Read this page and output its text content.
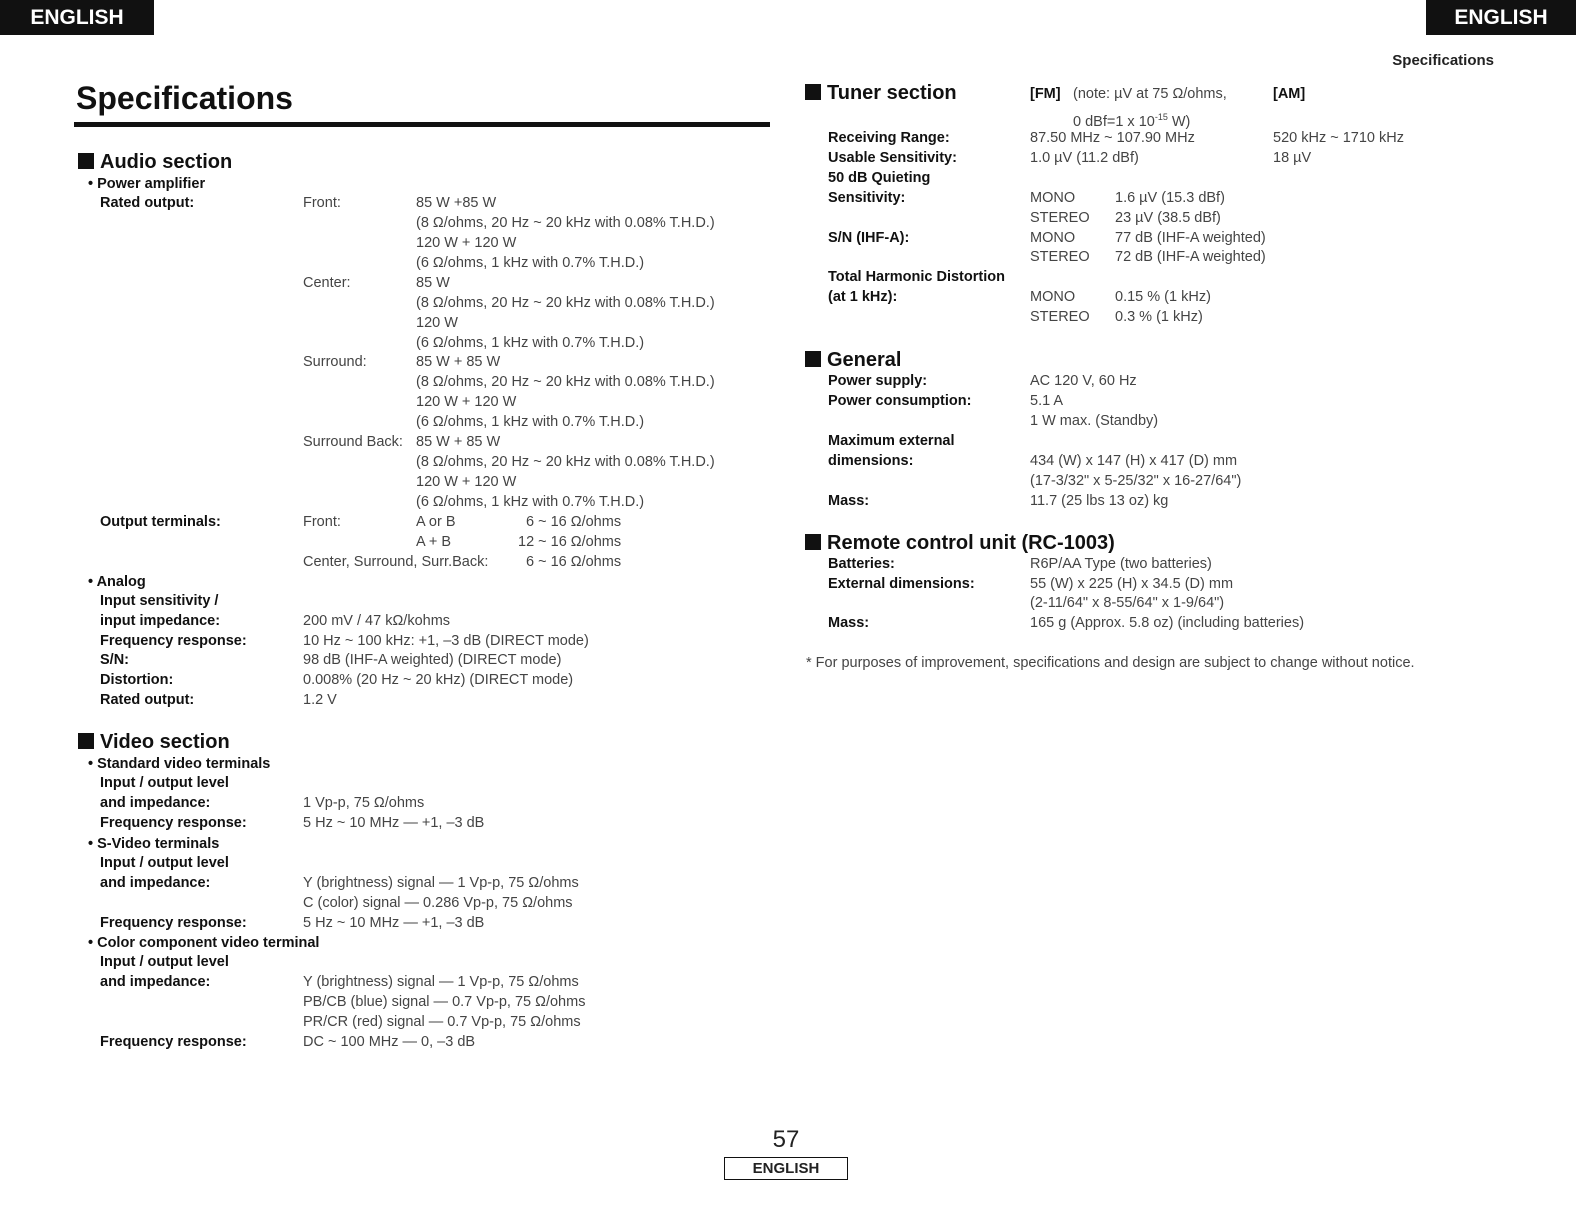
ENGLISH	ENGLISH
Specifications
Specifications
Audio section
• Power amplifier
Rated output:	Front:	85 W +85 W
(8 Ω/ohms, 20 Hz ~ 20 kHz with 0.08% T.H.D.)
120 W + 120 W
(6 Ω/ohms, 1 kHz with 0.7% T.H.D.)
Center:	85 W
(8 Ω/ohms, 20 Hz ~ 20 kHz with 0.08% T.H.D.)
120 W
(6 Ω/ohms, 1 kHz with 0.7% T.H.D.)
Surround:	85 W + 85 W
(8 Ω/ohms, 20 Hz ~ 20 kHz with 0.08% T.H.D.)
120 W + 120 W
(6 Ω/ohms, 1 kHz with 0.7% T.H.D.)
Surround Back: 85 W + 85 W
(8 Ω/ohms, 20 Hz ~ 20 kHz with 0.08% T.H.D.)
120 W + 120 W
(6 Ω/ohms, 1 kHz with 0.7% T.H.D.)
Output terminals:	Front:	A or B	6 ~ 16 Ω/ohms
A + B	12 ~ 16 Ω/ohms
Center, Surround, Surr.Back:	6 ~ 16 Ω/ohms
• Analog
Input sensitivity /
input impedance:	200 mV / 47 kΩ/kohms
Frequency response:	10 Hz ~ 100 kHz: +1, –3 dB (DIRECT mode)
S/N:	98 dB (IHF-A weighted) (DIRECT mode)
Distortion:	0.008% (20 Hz ~ 20 kHz) (DIRECT mode)
Rated output:	1.2 V
Video section
• Standard video terminals
Input / output level
and impedance:	1 Vp-p, 75 Ω/ohms
Frequency response:	5 Hz ~ 10 MHz — +1, –3 dB
• S-Video terminals
Input / output level
and impedance:	Y (brightness) signal — 1 Vp-p, 75 Ω/ohms
C (color) signal — 0.286 Vp-p, 75 Ω/ohms
Frequency response:	5 Hz ~ 10 MHz — +1, –3 dB
• Color component video terminal
Input / output level
and impedance:	Y (brightness) signal — 1 Vp-p, 75 Ω/ohms
PB/CB (blue) signal — 0.7 Vp-p, 75 Ω/ohms
PR/CR (red) signal — 0.7 Vp-p, 75 Ω/ohms
Frequency response:	DC ~ 100 MHz — 0, –3 dB
Tuner section	[FM] (note: µV at 75 Ω/ohms,
0 dBf=1 x $10^{-15}$ W)
[AM]
Receiving Range:	87.50 MHz ~ 107.90 MHz	520 kHz ~ 1710 kHz
Usable Sensitivity:	1.0 µV (11.2 dBf)	18 µV
50 dB Quieting
Sensitivity:	MONO	1.6 µV (15.3 dBf)
STEREO 23 µV (38.5 dBf)
S/N (IHF-A):	MONO	77 dB (IHF-A weighted)
STEREO 72 dB (IHF-A weighted)
Total Harmonic Distortion
(at 1 kHz):	MONO	0.15 % (1 kHz)
STEREO 0.3 % (1 kHz)
General
Power supply:	AC 120 V, 60 Hz
Power consumption:	5.1 A
1 W max. (Standby)
Maximum external
dimensions:	434 (W) x 147 (H) x 417 (D) mm
(17-3/32" x 5-25/32" x 16-27/64")
Mass:	11.7 (25 lbs 13 oz) kg
Remote control unit (RC-1003)
Batteries:	R6P/AA Type (two batteries)
External dimensions:	55 (W) x 225 (H) x 34.5 (D) mm
(2-11/64" x 8-55/64" x 1-9/64")
Mass:	165 g (Approx. 5.8 oz) (including batteries)
* For purposes of improvement, specifications and design are subject to change without notice.
57
ENGLISH
